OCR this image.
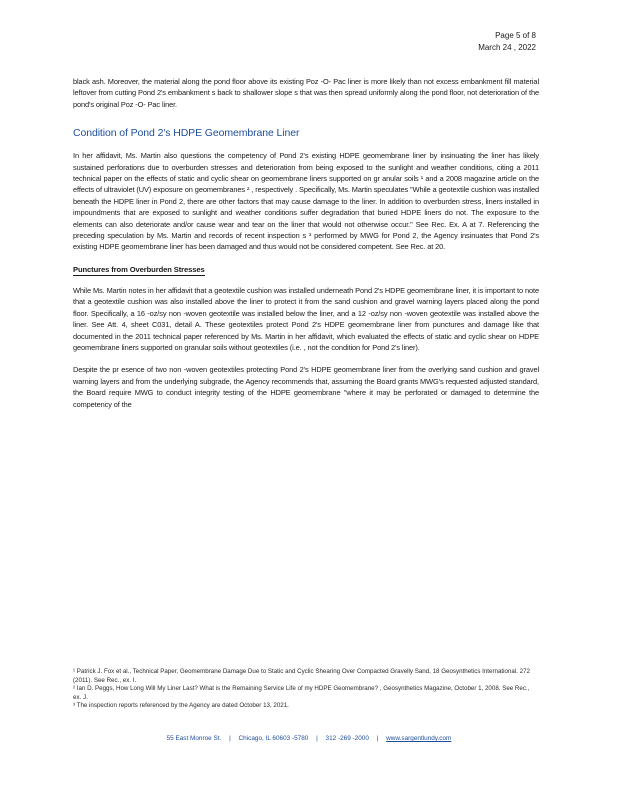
Page 5 of 8
March 24 , 2022

black ash. Moreover, the material along the pond floor above its existing Poz -O- Pac liner is more likely than not excess embankment fill material leftover from cutting Pond 2's embankment s back to shallower slope s that was then spread uniformly along the pond floor, not deterioration of the pond's original Poz -O- Pac liner.

Condition of Pond 2's HDPE Geomembrane Liner

In her affidavit, Ms. Martin also questions the competency of Pond 2's existing HDPE geomembrane liner by insinuating the liner has likely sustained perforations due to overburden stresses and deterioration from being exposed to the sunlight and weather conditions, citing a 2011 technical paper on the effects of static and cyclic shear on geomembrane liners supported on gr anular soils ¹ and a 2008 magazine article on the effects of ultraviolet (UV) exposure on geomembranes ² , respectively . Specifically, Ms. Martin speculates "While a geotextile cushion was installed beneath the HDPE liner in Pond 2, there are other factors that may cause damage to the liner. In addition to overburden stress, liners installed in impoundments that are exposed to sunlight and weather conditions suffer degradation that buried HDPE liners do not. The exposure to the elements can also deteriorate and/or cause wear and tear on the liner that would not otherwise occur." See Rec. Ex. A at 7. Referencing the preceding speculation by Ms. Martin and records of recent inspection s ³ performed by MWG for Pond 2, the Agency insinuates that Pond 2's existing HDPE geomembrane liner has been damaged and thus would not be considered competent. See Rec. at 20.

Punctures from Overburden Stresses

While Ms. Martin notes in her affidavit that a geotextile cushion was installed underneath Pond 2's HDPE geomembrane liner, it is important to note that a geotextile cushion was also installed above the liner to protect it from the sand cushion and gravel warning layers placed along the pond floor. Specifically, a 16 -oz/sy non -woven geotextile was installed below the liner, and a 12 -oz/sy non -woven geotextile was installed above the liner. See Att. 4, sheet C031, detail A. These geotextiles protect Pond 2's HDPE geomembrane liner from punctures and damage like that documented in the 2011 technical paper referenced by Ms. Martin in her affidavit, which evaluated the effects of static and cyclic shear on HDPE geomembrane liners supported on granular soils without geotextiles (i.e. , not the condition for Pond 2's liner).

Despite the pr esence of two non -woven geotextiles protecting Pond 2's HDPE geomembrane liner from the overlying sand cushion and gravel warning layers and from the underlying subgrade, the Agency recommends that, assuming the Board grants MWG's requested adjusted standard, the Board require MWG to conduct integrity testing of the HDPE geomembrane "where it may be perforated or damaged to determine the competency of the

¹ Patrick J. Fox et al., Technical Paper, Geomembrane Damage Due to Static and Cyclic Shearing Over Compacted Gravelly Sand, 18 Geosynthetics International. 272 (2011). See Rec., ex. I.

² Ian D. Peggs, How Long Will My Liner Last? What is the Remaining Service Life of my HDPE Geomembrane? , Geosynthetics Magazine, October 1, 2008. See Rec., ex. J.

³ The inspection reports referenced by the Agency are dated October 13, 2021.

55 East Monroe St. | Chicago, IL 60603 -5780 | 312 -269 -2000 | www.sargentlundy.com
